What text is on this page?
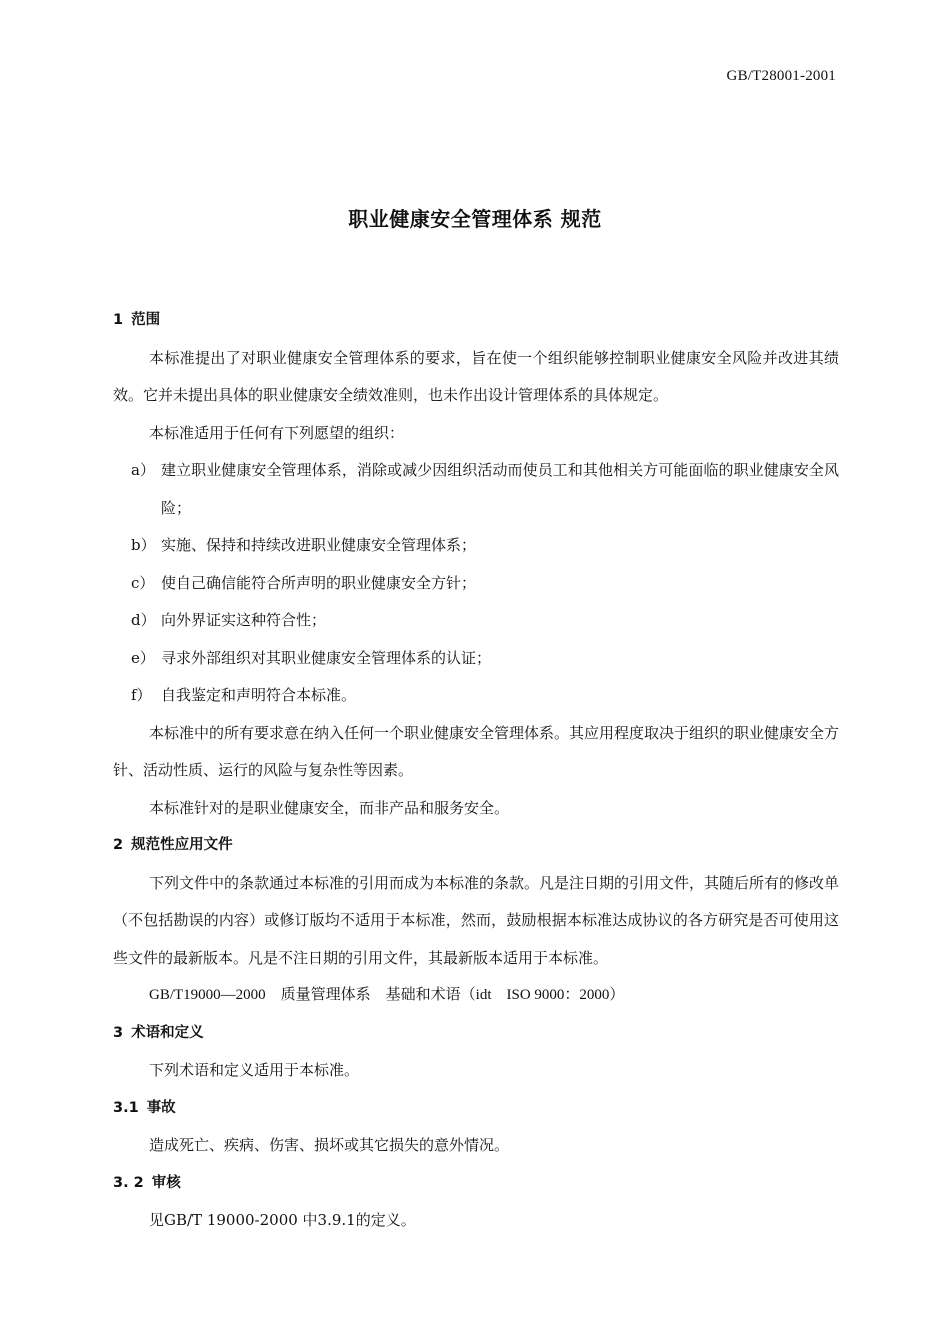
GB/T28001-2001
职业健康安全管理体系 规范
1 范围
本标准提出了对职业健康安全管理体系的要求，旨在使一个组织能够控制职业健康安全风险并改进其绩效。它并未提出具体的职业健康安全绩效准则，也未作出设计管理体系的具体规定。
本标准适用于任何有下列愿望的组织：
a） 建立职业健康安全管理体系，消除或减少因组织活动而使员工和其他相关方可能面临的职业健康安全风险；
b） 实施、保持和持续改进职业健康安全管理体系；
c） 使自己确信能符合所声明的职业健康安全方针；
d） 向外界证实这种符合性；
e） 寻求外部组织对其职业健康安全管理体系的认证；
f） 自我鉴定和声明符合本标准。
本标准中的所有要求意在纳入任何一个职业健康安全管理体系。其应用程度取决于组织的职业健康安全方针、活动性质、运行的风险与复杂性等因素。
本标准针对的是职业健康安全，而非产品和服务安全。
2 规范性应用文件
下列文件中的条款通过本标准的引用而成为本标准的条款。凡是注日期的引用文件，其随后所有的修改单（不包括勘误的内容）或修订版均不适用于本标准，然而，鼓励根据本标准达成协议的各方研究是否可使用这些文件的最新版本。凡是不注日期的引用文件，其最新版本适用于本标准。
GB/T19000—2000    质量管理体系    基础和术语（idt    ISO 9000：2000）
3 术语和定义
下列术语和定义适用于本标准。
3.1 事故
造成死亡、疾病、伤害、损坏或其它损失的意外情况。
3. 2 审核
见GB/T 19000-2000 中3.9.1的定义。
